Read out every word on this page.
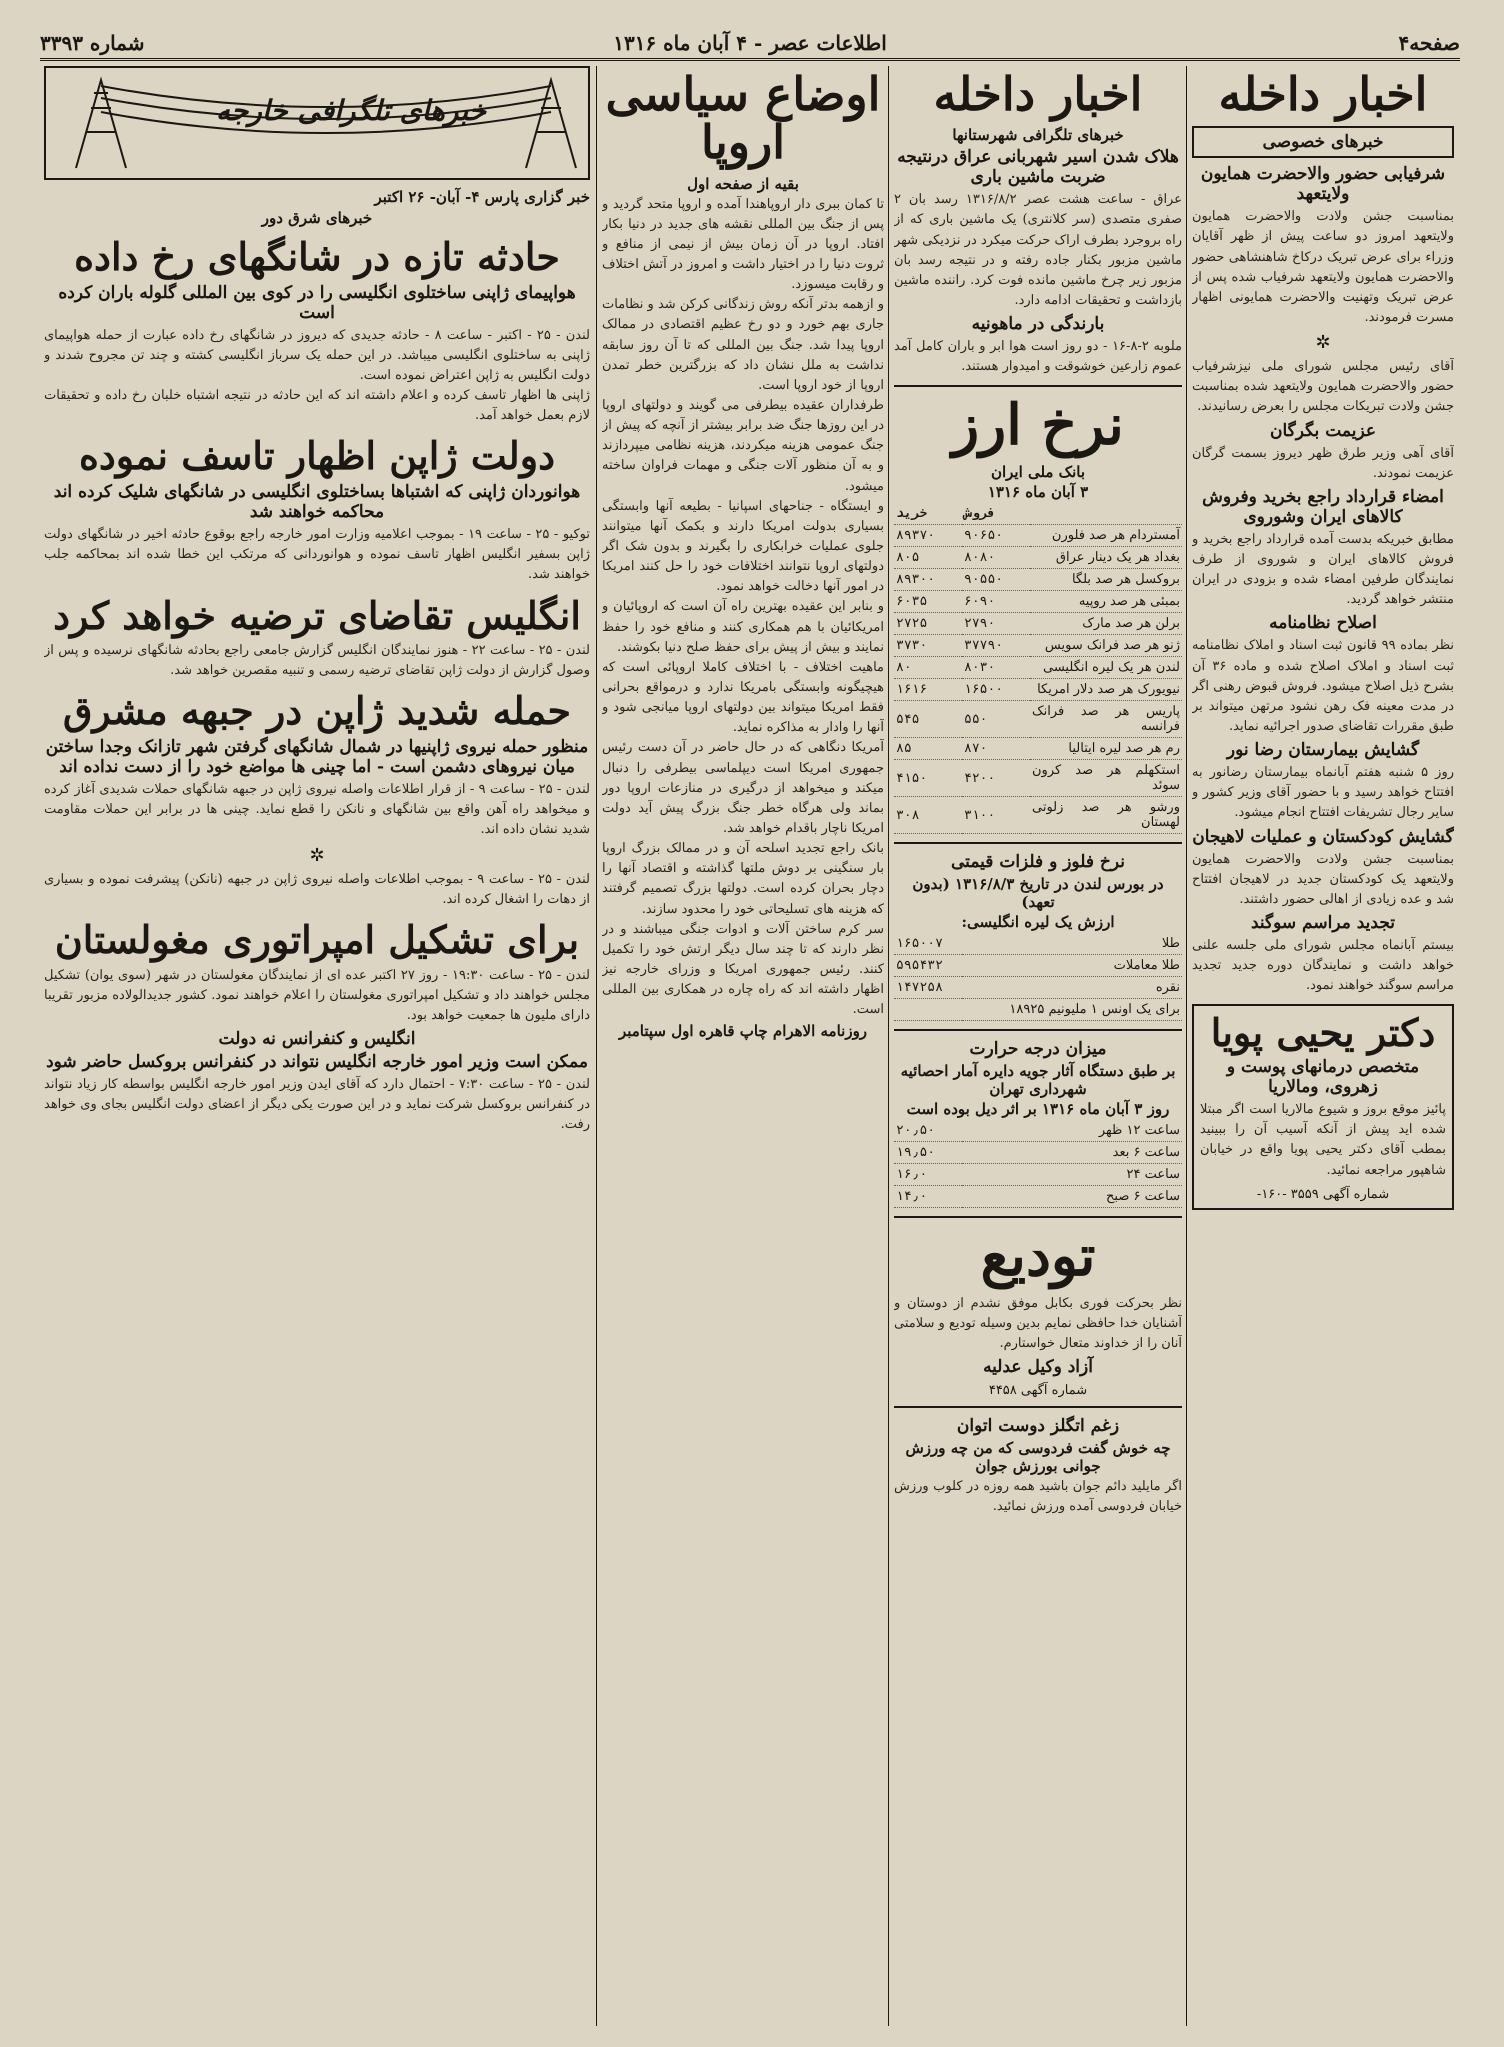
صفحه۴
اطلاعات عصر - ۴ آبان ماه ۱۳۱۶
شماره ۳۳۹۳
اخبار داخله
خبرهای خصوصی
شرفیابی حضور والاحضرت همایون ولایتعهد
بمناسبت جشن ولادت والاحضرت همایون ولایتعهد امروز دو ساعت پیش از ظهر آقایان وزراء برای عرض تبریک درکاخ شاهنشاهی حضور والاحضرت همایون ولایتعهد شرفیاب شده پس از عرض تبریک وتهنیت والاحضرت همایونی اظهار مسرت فرمودند.
✲
آقای رئیس مجلس شورای ملی نیزشرفیاب حضور والاحضرت همایون ولایتعهد شده بمناسبت جشن ولادت تبریکات مجلس را بعرض رسانیدند.
عزیمت بگرگان
آقای آهی وزیر طرق ظهر دیروز بسمت گرگان عزیمت نمودند.
امضاء قرارداد راجع بخرید وفروش کالاهای ایران وشوروی
مطابق خبریکه بدست آمده قرارداد راجع بخرید و فروش کالاهای ایران و شوروی از طرف نمایندگان طرفین امضاء شده و بزودی در ایران منتشر خواهد گردید.
اصلاح نظامنامه
نظر بماده ۹۹ قانون ثبت اسناد و املاک نظامنامه ثبت اسناد و املاک اصلاح شده و ماده ۳۶ آن بشرح ذیل اصلاح میشود. فروش قبوض رهنی اگر در مدت معینه فک رهن نشود مرتهن میتواند بر طبق مقررات تقاضای صدور اجرائیه نماید.
گشایش بیمارستان رضا نور
روز ۵ شنبه هفتم آبانماه بیمارستان رضانور به افتتاح خواهد رسید و با حضور آقای وزیر کشور و سایر رجال تشریفات افتتاح انجام میشود.
گشایش کودکستان و عملیات لاهیجان
بمناسبت جشن ولادت والاحضرت همایون ولایتعهد یک کودکستان جدید در لاهیجان افتتاح شد و عده زیادی از اهالی حضور داشتند.
تجدید مراسم سوگند
بیستم آبانماه مجلس شورای ملی جلسه علنی خواهد داشت و نمایندگان دوره جدید تجدید مراسم سوگند خواهند نمود.
دکتر یحیی پویا
متخصص درمانهای پوست و زهروی، ومالاریا
پائیز موقع بروز و شیوع مالاریا است اگر مبتلا شده اید پیش از آنکه آسیب آن را ببینید بمطب آقای دکتر یحیی پویا واقع در خیابان شاهپور مراجعه نمائید.
شماره آگهی ۳۵۵۹ -۱۶۰-
اخبار داخله
خبرهای تلگرافی شهرستانها
هلاک شدن اسیر شهربانی عراق درنتیجه ضربت ماشین باری
عراق - ساعت هشت عصر ۱۳۱۶/۸/۲ رسد بان ۲ صفری متصدی (سر کلانتری) یک ماشین باری که از راه بروجرد بطرف اراک حرکت میکرد در نزدیکی شهر ماشین مزبور بکنار جاده رفته و در نتیجه رسد بان مزبور زیر چرخ ماشین مانده فوت کرد. راننده ماشین بازداشت و تحقیقات ادامه دارد.
بارندگی در ماهونیه
ملوبه ۲-۸-۱۶ - دو روز است هوا ابر و باران کامل آمد عموم زارعین خوشوقت و امیدوار هستند.
نرخ ارز
بانک ملی ایران
۳ آبان ماه ۱۳۱۶
	فروش	خرید
آمستردام هر صد فلورن	۹۰۶۵۰	۸۹۳۷۰
بغداد هر یک دینار عراق	۸۰۸۰	۸۰۵
بروکسل هر صد بلگا	۹۰۵۵۰	۸۹۳۰۰
بمبئی هر صد روپیه	۶۰۹۰	۶۰۳۵
برلن هر صد مارک	۲۷۹۰	۲۷۲۵
ژنو هر صد فرانک سویس	۳۷۷۹۰	۳۷۳۰
لندن هر یک لیره انگلیسی	۸۰۳۰	۸۰
نیویورک هر صد دلار امریکا	۱۶۵۰۰	۱۶۱۶
پاریس هر صد فرانک فرانسه	۵۵۰	۵۴۵
رم هر صد لیره ایتالیا	۸۷۰	۸۵
استکهلم هر صد کرون سوئد	۴۲۰۰	۴۱۵۰
ورشو هر صد زلوتی لهستان	۳۱۰۰	۳۰۸
نرخ فلوز و فلزات قیمتی
در بورس لندن در تاریخ ۱۳۱۶/۸/۳ (بدون تعهد)
ارزش یک لیره انگلیسی:
طلا	۱۶۵۰۰۷
طلا معاملات	۵۹۵۴۳۲
نقره	۱۴۷۲۵۸
برای یک اونس ۱ ملیونیم ۱۸۹۲۵	
میزان درجه حرارت
بر طبق دستگاه آثار جویه دایره آمار احصائیه شهرداری تهران
روز ۳ آبان ماه ۱۳۱۶ بر اثر دیل بوده است
ساعت ۱۲ ظهر	۲۰٫۵۰
ساعت ۶ بعد	۱۹٫۵۰
ساعت ۲۴	۱۶٫۰
ساعت ۶ صبح	۱۴٫۰
تودیع
نظر بحرکت فوری بکابل موفق نشدم از دوستان و آشنایان خدا حافظی نمایم بدین وسیله تودیع و سلامتی آنان را از خداوند متعال خواستارم.
آزاد وکیل عدلیه
شماره آگهی ۴۴۵۸
زغم اتگلز دوست اتوان
چه خوش گفت فردوسی که من چه ورزش جوانی بورزش جوان
اگر مایلید دائم جوان باشید همه روزه در کلوب ورزش خیابان فردوسی آمده ورزش نمائید.
اوضاع سیاسی اروپا
بقیه از صفحه اول
تا کمان ببری دار اروپاهندا آمده و اروپا متحد گردید و پس از جنگ بین المللی نقشه های جدید در دنیا بکار افتاد. اروپا در آن زمان بیش از نیمی از منافع و ثروت دنیا را در اختیار داشت و امروز در آتش اختلاف و رقابت میسوزد.
و ازهمه بدتر آنکه روش زندگانی کرکن شد و نظامات جاری بهم خورد و دو رخ عظیم اقتصادی در ممالک اروپا پیدا شد. جنگ بین المللی که تا آن روز سابقه نداشت به ملل نشان داد که بزرگترین خطر تمدن اروپا از خود اروپا است.
طرفداران عقیده بیطرفی می گویند و دولتهای اروپا در این روزها جنگ ضد برابر بیشتر از آنچه که پیش از جنگ عمومی هزینه میکردند، هزینه نظامی میپردازند و به آن منظور آلات جنگی و مهمات فراوان ساخته میشود.
و ایستگاه - جناحهای اسپانیا - بطیعه آنها وابستگی بسیاری بدولت امریکا دارند و بکمک آنها میتوانند جلوی عملیات خرابکاری را بگیرند و بدون شک اگر دولتهای اروپا نتوانند اختلافات خود را حل کنند امریکا در امور آنها دخالت خواهد نمود.
و بنابر این عقیده بهترین راه آن است که اروپائیان و امریکائیان با هم همکاری کنند و منافع خود را حفظ نمایند و بیش از پیش برای حفظ صلح دنیا بکوشند.
ماهیت اختلاف - با اختلاف کاملا اروپائی است که هیچیگونه وابستگی بامریکا ندارد و درمواقع بحرانی فقط امریکا میتواند بین دولتهای اروپا میانجی شود و آنها را وادار به مذاکره نماید.
آمریکا دنگاهی که در حال حاضر در آن دست رئیس جمهوری امریکا است دیپلماسی بیطرفی را دنبال میکند و میخواهد از درگیری در منازعات اروپا دور بماند ولی هرگاه خطر جنگ بزرگ پیش آید دولت امریکا ناچار باقدام خواهد شد.
بانک راجع تجدید اسلحه آن و در ممالک بزرگ اروپا بار سنگینی بر دوش ملتها گذاشته و اقتصاد آنها را دچار بحران کرده است. دولتها بزرگ تصمیم گرفتند که هزینه های تسلیحاتی خود را محدود سازند.
سر کرم ساختن آلات و ادوات جنگی میباشند و در نظر دارند که تا چند سال دیگر ارتش خود را تکمیل کنند. رئیس جمهوری امریکا و وزرای خارجه نیز اظهار داشته اند که راه چاره در همکاری بین المللی است.
روزنامه الاهرام چاپ قاهره اول سپتامبر
خبرهای تلگرافی خارجه
خبر گزاری پارس ۴- آبان- ۲۶ اکتبر
خبرهای شرق دور
حادثه تازه در شانگهای رخ داده
هواپیمای ژاپنی ساختلوی انگلیسی را در کوی بین المللی گلوله باران کرده است
لندن - ۲۵ - اکتبر - ساعت ۸ - حادثه جدیدی که دیروز در شانگهای رخ داده عبارت از حمله هواپیمای ژاپنی به ساختلوی انگلیسی میباشد. در این حمله یک سرباز انگلیسی کشته و چند تن مجروح شدند و دولت انگلیس به ژاپن اعتراض نموده است.
ژاپنی ها اظهار تاسف کرده و اعلام داشته اند که این حادثه در نتیجه اشتباه خلبان رخ داده و تحقیقات لازم بعمل خواهد آمد.
دولت ژاپن اظهار تاسف نموده
هوانوردان ژاپنی که اشتباها بساختلوی انگلیسی در شانگهای شلیک کرده اند محاکمه خواهند شد
توکیو - ۲۵ - ساعت ۱۹ - بموجب اعلامیه وزارت امور خارجه راجع بوقوع حادثه اخیر در شانگهای دولت ژاپن بسفیر انگلیس اظهار تاسف نموده و هوانوردانی که مرتکب این خطا شده اند بمحاکمه جلب خواهند شد.
انگلیس تقاضای ترضیه خواهد کرد
لندن - ۲۵ - ساعت ۲۲ - هنوز نمایندگان انگلیس گزارش جامعی راجع بحادثه شانگهای نرسیده و پس از وصول گزارش از دولت ژاپن تقاضای ترضیه رسمی و تنبیه مقصرین خواهد شد.
حمله شدید ژاپن در جبهه مشرق
منظور حمله نیروی ژاپنیها در شمال شانگهای گرفتن شهر تازانک وجدا ساختن میان نیروهای دشمن است - اما چینی ها مواضع خود را از دست نداده اند
لندن - ۲۵ - ساعت ۹ - از قرار اطلاعات واصله نیروی ژاپن در جبهه شانگهای حملات شدیدی آغاز کرده و میخواهد راه آهن واقع بین شانگهای و نانکن را قطع نماید. چینی ها در برابر این حملات مقاومت شدید نشان داده اند.
✲
لندن - ۲۵ - ساعت ۹ - بموجب اطلاعات واصله نیروی ژاپن در جبهه (نانکن) پیشرفت نموده و بسیاری از دهات را اشغال کرده اند.
برای تشکیل امپراتوری مغولستان
لندن - ۲۵ - ساعت ۱۹:۳۰ - روز ۲۷ اکتبر عده ای از نمایندگان مغولستان در شهر (سوی یوان) تشکیل مجلس خواهند داد و تشکیل امپراتوری مغولستان را اعلام خواهند نمود. کشور جدیدالولاده مزبور تقریبا دارای ملیون ها جمعیت خواهد بود.
انگلیس و کنفرانس نه دولت
ممکن است وزیر امور خارجه انگلیس نتواند در کنفرانس بروکسل حاضر شود
لندن - ۲۵ - ساعت ۷:۳۰ - احتمال دارد که آقای ایدن وزیر امور خارجه انگلیس بواسطه کار زیاد نتواند در کنفرانس بروکسل شرکت نماید و در این صورت یکی دیگر از اعضای دولت انگلیس بجای وی خواهد رفت.
